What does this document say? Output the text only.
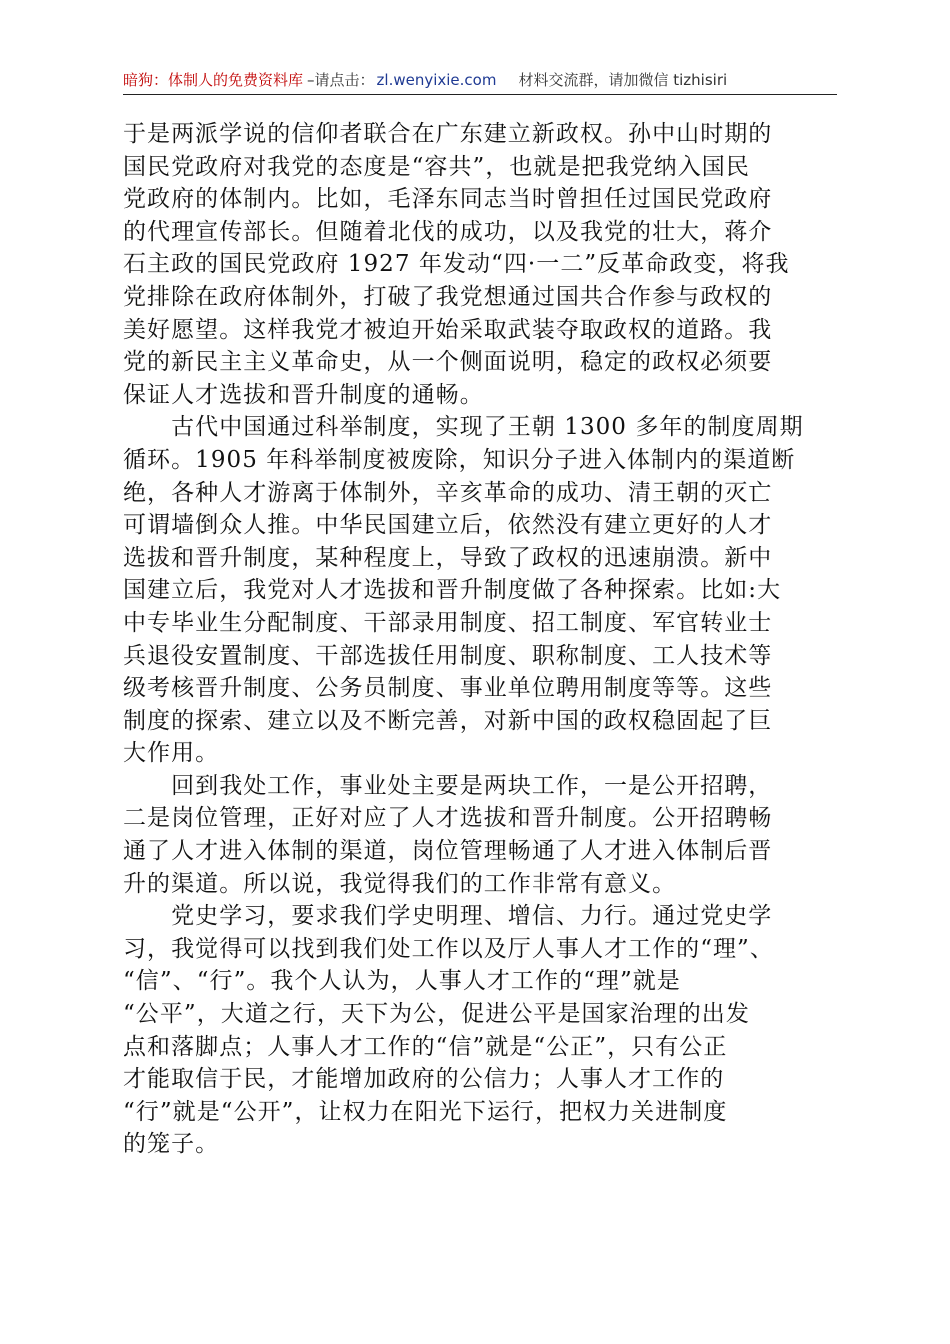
暗狗：体制人的免费资料库 –请点击： zl.wenyixie.com 材料交流群，请加微信 tizhisiri
于是两派学说的信仰者联合在广东建立新政权。孙中山时期的
国民党政府对我党的态度是“容共”，也就是把我党纳入国民
党政府的体制内。比如，毛泽东同志当时曾担任过国民党政府
的代理宣传部长。但随着北伐的成功，以及我党的壮大，蒋介
石主政的国民党政府 1927 年发动“四·一二”反革命政变，将我
党排除在政府体制外，打破了我党想通过国共合作参与政权的
美好愿望。这样我党才被迫开始采取武装夺取政权的道路。我
党的新民主主义革命史，从一个侧面说明，稳定的政权必须要
保证人才选拔和晋升制度的通畅。
　　古代中国通过科举制度，实现了王朝 1300 多年的制度周期
循环。1905 年科举制度被废除，知识分子进入体制内的渠道断
绝，各种人才游离于体制外，辛亥革命的成功、清王朝的灭亡
可谓墙倒众人推。中华民国建立后，依然没有建立更好的人才
选拔和晋升制度，某种程度上，导致了政权的迅速崩溃。新中
国建立后，我党对人才选拔和晋升制度做了各种探索。比如:大
中专毕业生分配制度、干部录用制度、招工制度、军官转业士
兵退役安置制度、干部选拔任用制度、职称制度、工人技术等
级考核晋升制度、公务员制度、事业单位聘用制度等等。这些
制度的探索、建立以及不断完善，对新中国的政权稳固起了巨
大作用。
　　回到我处工作，事业处主要是两块工作，一是公开招聘，
二是岗位管理，正好对应了人才选拔和晋升制度。公开招聘畅
通了人才进入体制的渠道，岗位管理畅通了人才进入体制后晋
升的渠道。所以说，我觉得我们的工作非常有意义。
　　党史学习，要求我们学史明理、增信、力行。通过党史学
习，我觉得可以找到我们处工作以及厅人事人才工作的“理”、
“信”、“行”。我个人认为，人事人才工作的“理”就是
“公平”，大道之行，天下为公，促进公平是国家治理的出发
点和落脚点；人事人才工作的“信”就是“公正”，只有公正
才能取信于民，才能增加政府的公信力；人事人才工作的
“行”就是“公开”，让权力在阳光下运行，把权力关进制度
的笼子。
